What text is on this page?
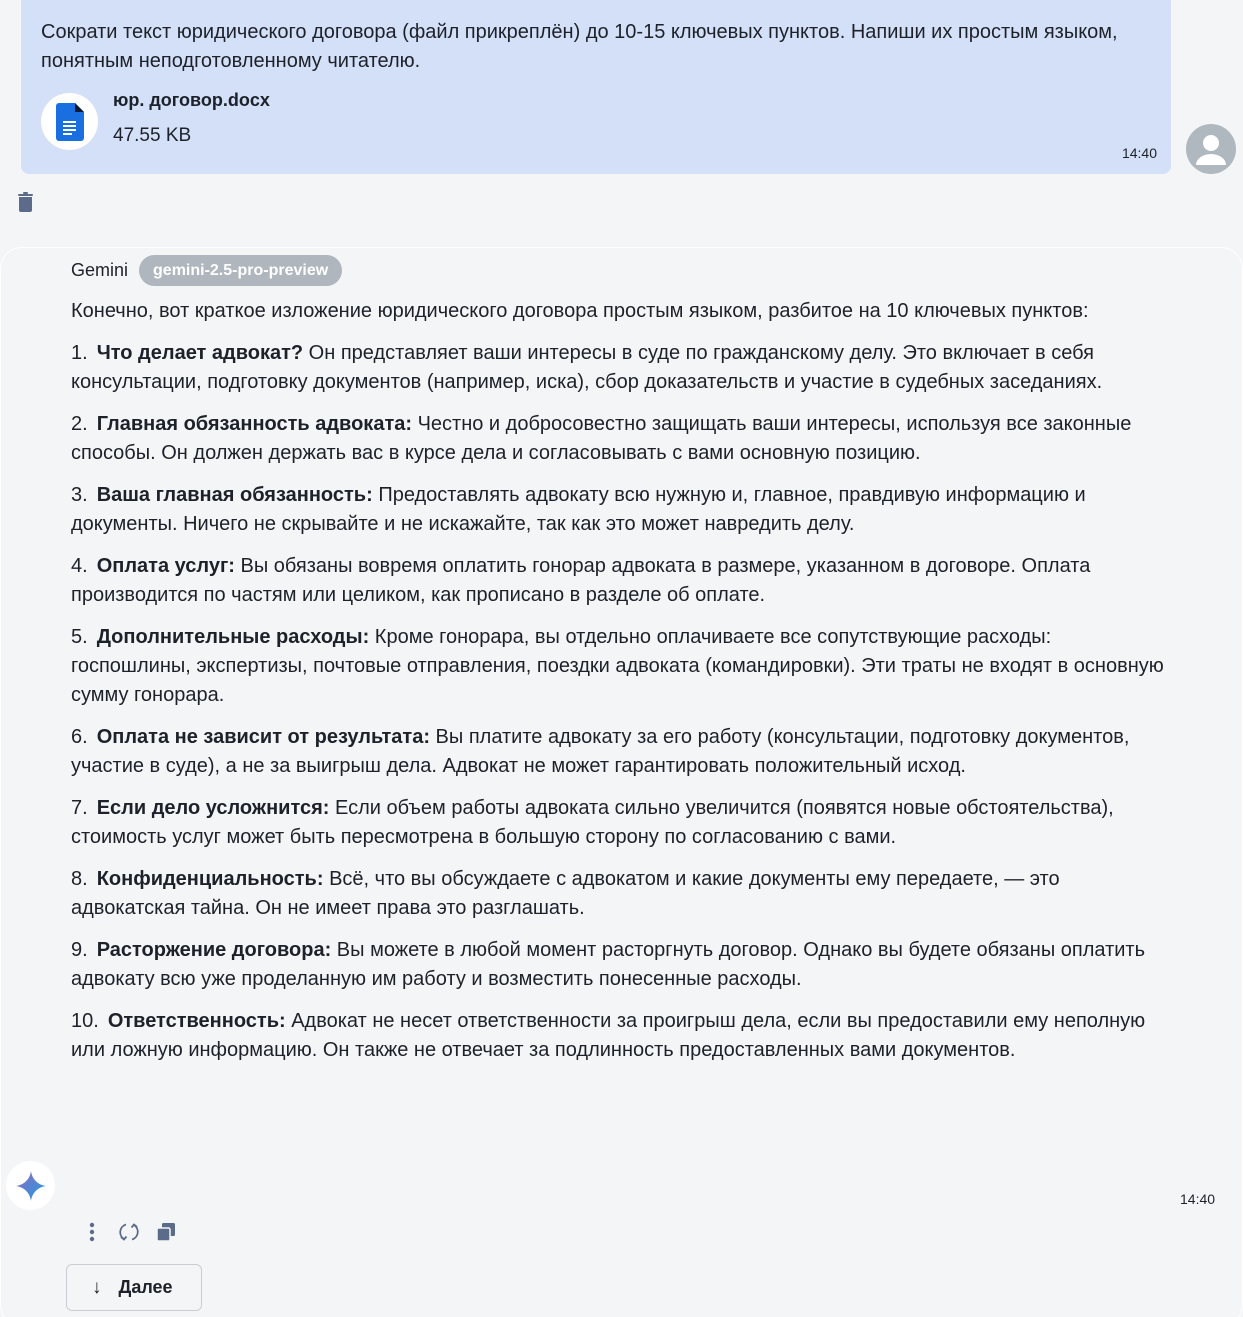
Сократи текст юридического договора (файл прикреплён) до 10-15 ключевых пунктов. Напиши их простым языком, понятным неподготовленному читателю.
юр. договор.docx
47.55 KB
14:40
Gemini	gemini-2.5-pro-preview

Конечно, вот краткое изложение юридического договора простым языком, разбитое на 10 ключевых пунктов:

1. Что делает адвокат? Он представляет ваши интересы в суде по гражданскому делу. Это включает в себя консультации, подготовку документов (например, иска), сбор доказательств и участие в судебных заседаниях.
2. Главная обязанность адвоката: Честно и добросовестно защищать ваши интересы, используя все законные способы. Он должен держать вас в курсе дела и согласовывать с вами основную позицию.
3. Ваша главная обязанность: Предоставлять адвокату всю нужную и, главное, правдивую информацию и документы. Ничего не скрывайте и не искажайте, так как это может навредить делу.
4. Оплата услуг: Вы обязаны вовремя оплатить гонорар адвоката в размере, указанном в договоре. Оплата производится по частям или целиком, как прописано в разделе об оплате.
5. Дополнительные расходы: Кроме гонорара, вы отдельно оплачиваете все сопутствующие расходы: госпошлины, экспертизы, почтовые отправления, поездки адвоката (командировки). Эти траты не входят в основную сумму гонорара.
6. Оплата не зависит от результата: Вы платите адвокату за его работу (консультации, подготовку документов, участие в суде), а не за выигрыш дела. Адвокат не может гарантировать положительный исход.
7. Если дело усложнится: Если объем работы адвоката сильно увеличится (появятся новые обстоятельства), стоимость услуг может быть пересмотрена в большую сторону по согласованию с вами.
8. Конфиденциальность: Всё, что вы обсуждаете с адвокатом и какие документы ему передаете, — это адвокатская тайна. Он не имеет права это разглашать.
9. Расторжение договора: Вы можете в любой момент расторгнуть договор. Однако вы будете обязаны оплатить адвокату всю уже проделанную им работу и возместить понесенные расходы.
10. Ответственность: Адвокат не несет ответственности за проигрыш дела, если вы предоставили ему неполную или ложную информацию. Он также не отвечает за подлинность предоставленных вами документов.
14:40
↓ Далее
